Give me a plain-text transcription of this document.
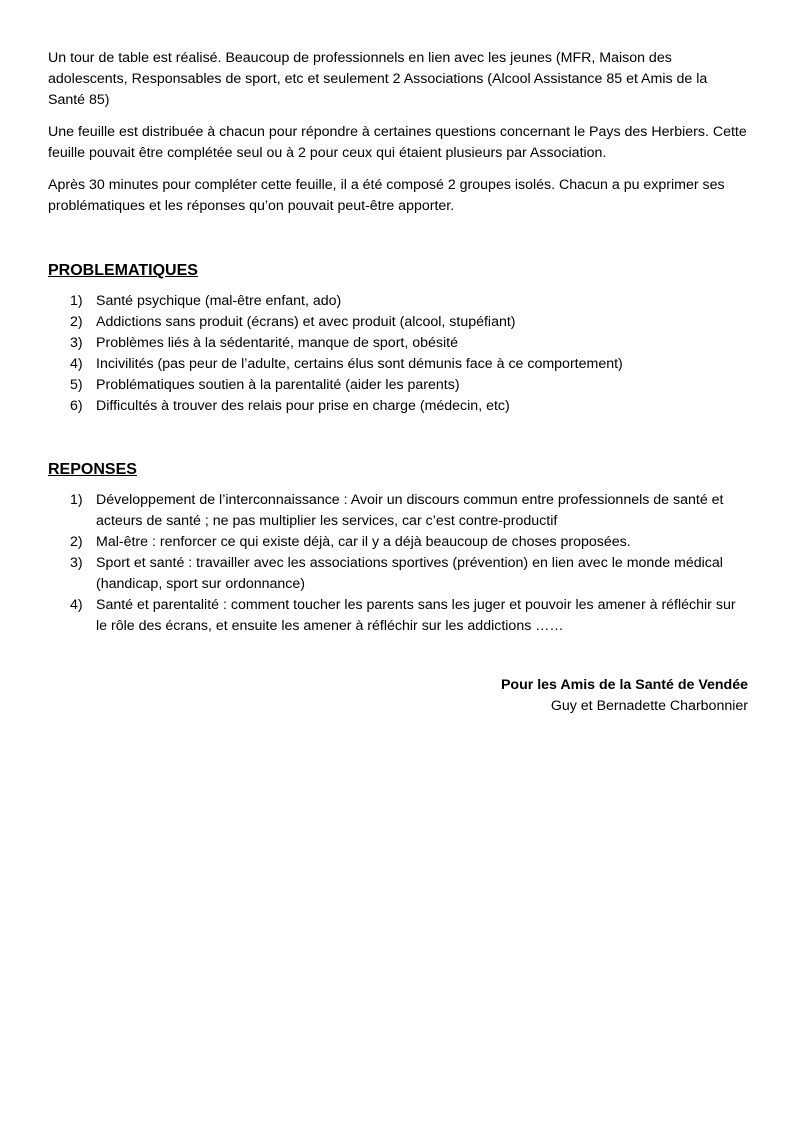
Un tour de table est réalisé. Beaucoup de professionnels en lien avec les jeunes (MFR, Maison des adolescents, Responsables de sport, etc et seulement 2 Associations (Alcool Assistance 85 et Amis de la Santé 85)

Une feuille est distribuée à chacun pour répondre à certaines questions concernant le Pays des Herbiers. Cette feuille pouvait être complétée seul ou à 2 pour ceux qui étaient plusieurs par Association.

Après 30 minutes pour compléter cette feuille, il a été composé 2 groupes isolés. Chacun a pu exprimer ses problématiques et les réponses qu’on pouvait peut-être apporter.

PROBLEMATIQUES
1) Santé psychique (mal-être enfant, ado)
2) Addictions sans produit (écrans) et avec produit (alcool, stupéfiant)
3) Problèmes liés à la sédentarité, manque de sport, obésité
4) Incivilités (pas peur de l’adulte, certains élus sont démunis face à ce comportement)
5) Problématiques soutien à la parentalité (aider les parents)
6) Difficultés à trouver des relais pour prise en charge (médecin, etc)
REPONSES
1) Développement de l’interconnaissance : Avoir un discours commun entre professionnels de santé et acteurs de santé ; ne pas multiplier les services, car c’est contre-productif
2) Mal-être : renforcer ce qui existe déjà, car il y a déjà beaucoup de choses proposées.
3) Sport et santé : travailler avec les associations sportives (prévention) en lien avec le monde médical (handicap, sport sur ordonnance)
4) Santé et parentalité : comment toucher les parents sans les juger et pouvoir les amener à réfléchir sur le rôle des écrans, et ensuite les amener à réfléchir sur les addictions ……
Pour les Amis de la Santé de Vendée
Guy et Bernadette Charbonnier
